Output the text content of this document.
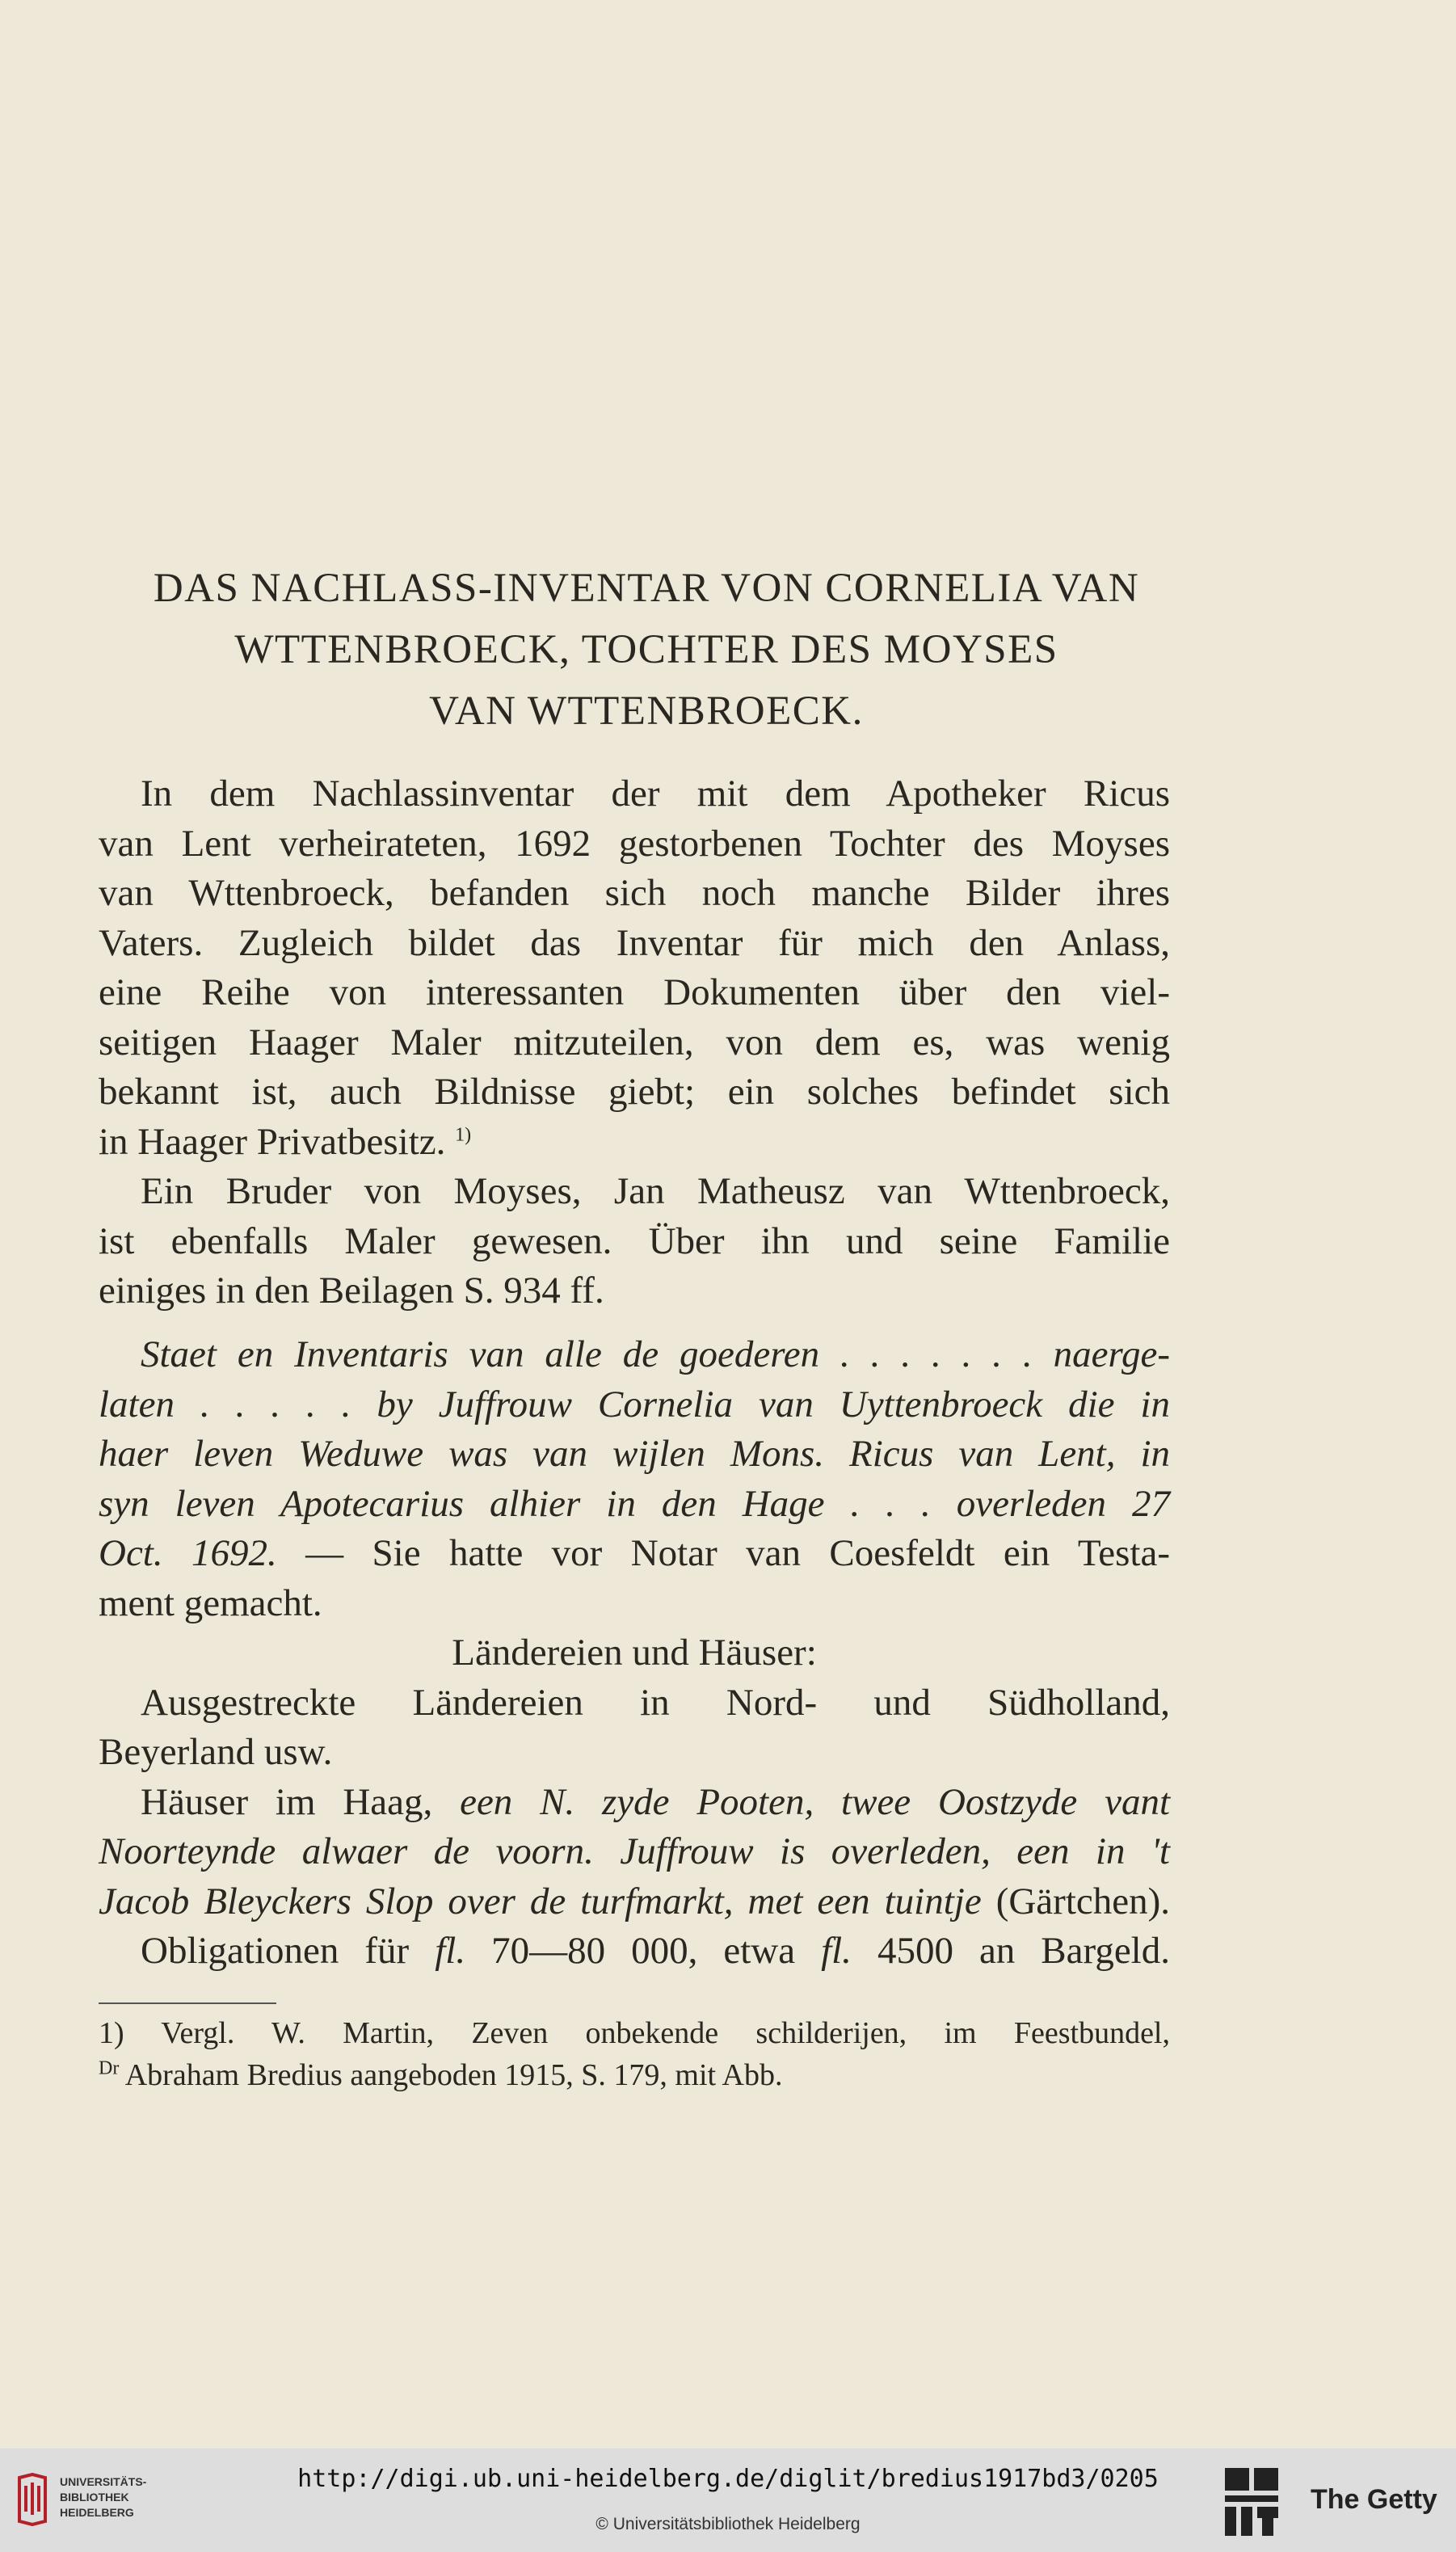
DAS NACHLASS-INVENTAR VON CORNELIA VAN
WTTENBROECK, TOCHTER DES MOYSES
VAN WTTENBROECK.
In dem Nachlassinventar der mit dem Apotheker Ricus
van Lent verheirateten, 1692 gestorbenen Tochter des Moyses
van Wttenbroeck, befanden sich noch manche Bilder ihres
Vaters. Zugleich bildet das Inventar für mich den Anlass,
eine Reihe von interessanten Dokumenten über den viel-
seitigen Haager Maler mitzuteilen, von dem es, was wenig
bekannt ist, auch Bildnisse giebt; ein solches befindet sich
in Haager Privatbesitz. $^{1)}$
Ein Bruder von Moyses, Jan Matheusz van Wttenbroeck,
ist ebenfalls Maler gewesen. Über ihn und seine Familie
einiges in den Beilagen S. 934 ff.
Staet en Inventaris van alle de goederen . . . . . . . naerge-
laten . . . . . by Juffrouw Cornelia van Uyttenbroeck die in
haer leven Weduwe was van wijlen Mons. Ricus van Lent, in
syn leven Apotecarius alhier in den Hage . . . overleden 27
Oct. 1692. — Sie hatte vor Notar van Coesfeldt ein Testa-
ment gemacht.
Ländereien und Häuser:
Ausgestreckte Ländereien in Nord- und Südholland,
Beyerland usw.
Häuser im Haag, een N. zyde Pooten, twee Oostzyde vant
Noorteynde alwaer de voorn. Juffrouw is overleden, een in 't
Jacob Bleyckers Slop over de turfmarkt, met een tuintje (Gärtchen).
Obligationen für fl. 70—80 000, etwa fl. 4500 an Bargeld.
1) Vergl. W. Martin, Zeven onbekende schilderijen, im Feestbundel,
$^{Dr}$ Abraham Bredius aangeboden 1915, S. 179, mit Abb.
UNIVERSITÄTS-
BIBLIOTHEK
HEIDELBERG
http://digi.ub.uni-heidelberg.de/diglit/bredius1917bd3/0205
© Universitätsbibliothek Heidelberg
The Getty
